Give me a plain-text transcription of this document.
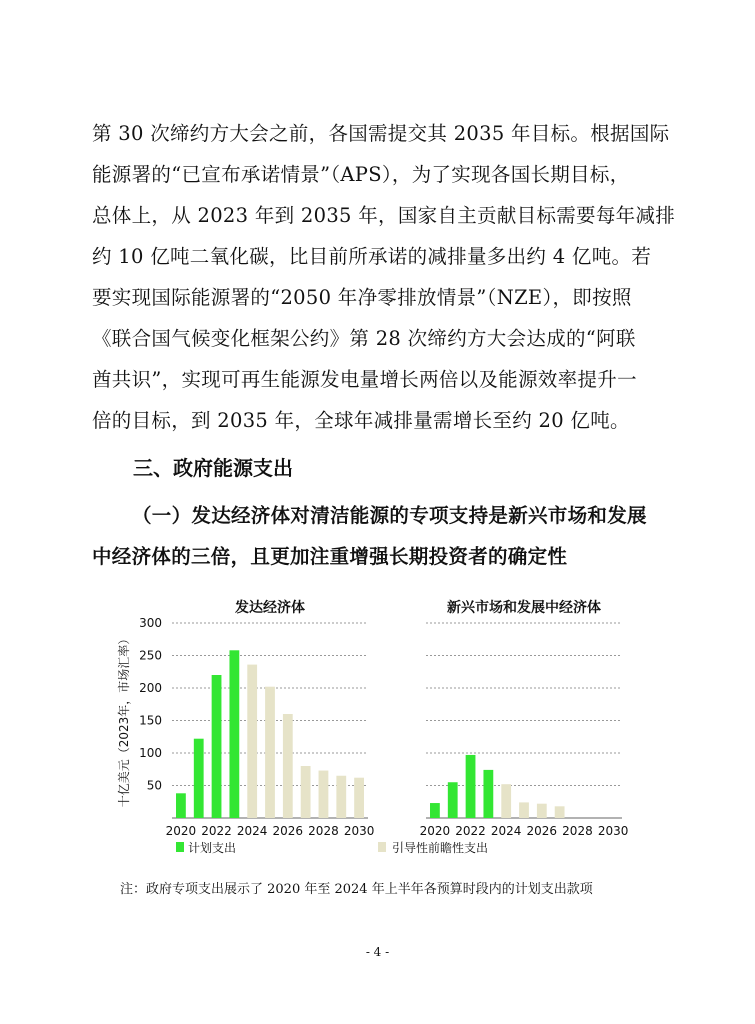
第 30 次缔约方大会之前，各国需提交其 2035 年目标。根据国际
能源署的“已宣布承诺情景”（APS），为了实现各国长期目标，
总体上，从 2023 年到 2035 年，国家自主贡献目标需要每年减排
约 10 亿吨二氧化碳，比目前所承诺的减排量多出约 4 亿吨。若
要实现国际能源署的“2050 年净零排放情景”（NZE），即按照
《联合国气候变化框架公约》第 28 次缔约方大会达成的“阿联
酋共识”，实现可再生能源发电量增长两倍以及能源效率提升一
倍的目标，到 2035 年，全球年减排量需增长至约 20 亿吨。
三、政府能源支出
（一）发达经济体对清洁能源的专项支持是新兴市场和发展
中经济体的三倍，且更加注重增强长期投资者的确定性
十亿美元（2023年，市场汇率） 50
100
150
200
250
300
发达经济体
2020 2022 2024 2026 2028 2030
新兴市场和发展中经济体
2020 2022 2024 2026 2028 2030
计划支出	引导性前瞻性支出
注：政府专项支出展示了 2020 年至 2024 年上半年各预算时段内的计划支出款项
- 4 -
